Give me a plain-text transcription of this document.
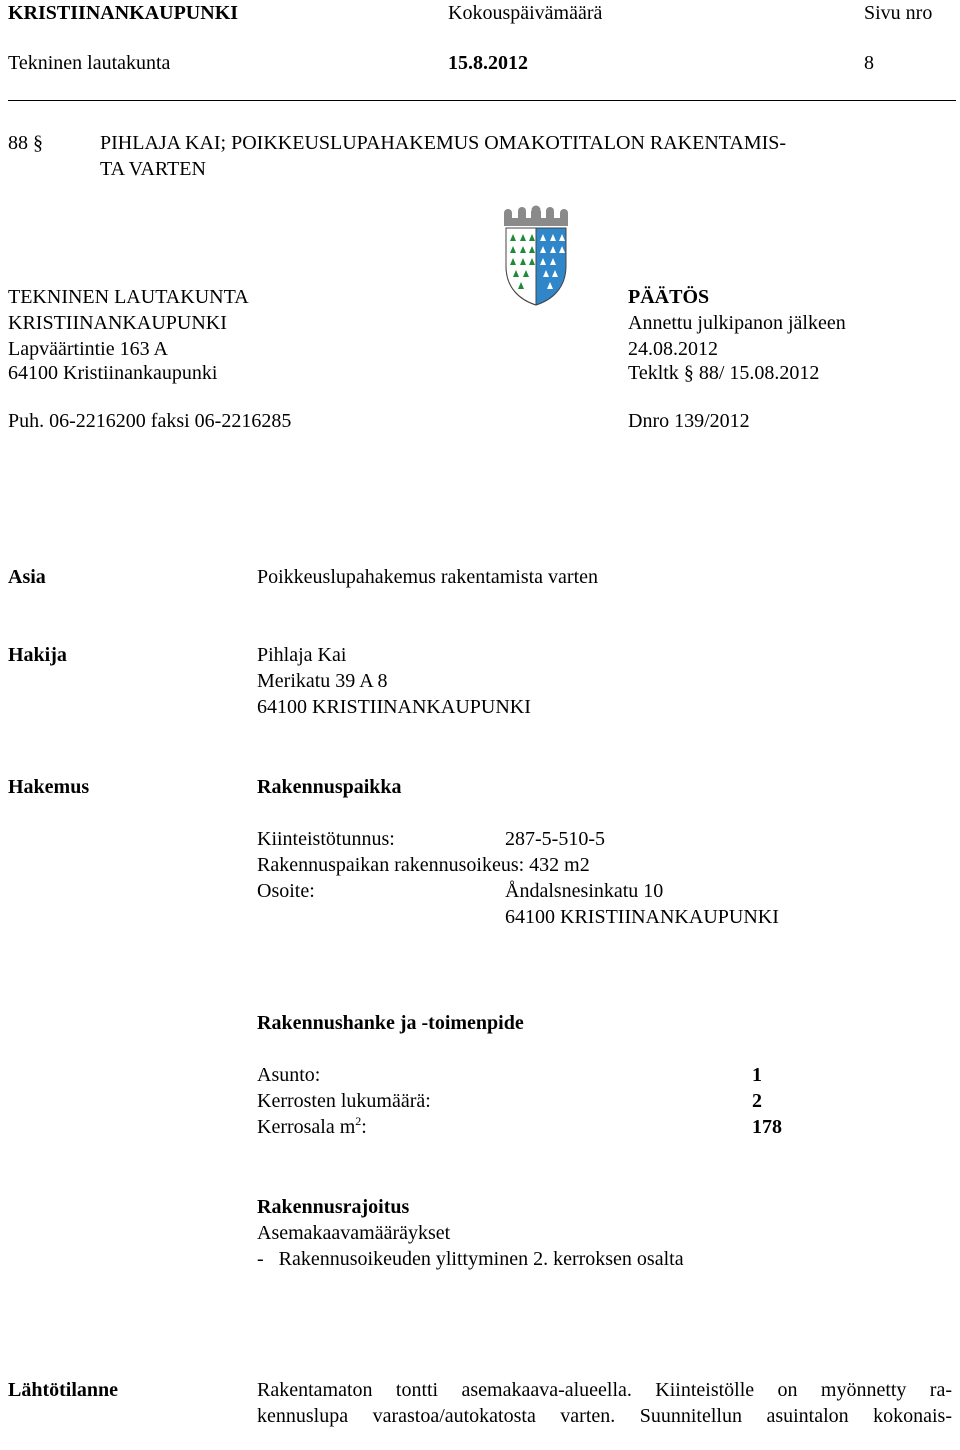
KRISTIINANKAUPUNKI	Kokouspäivämäärä	Sivu nro
Tekninen lautakunta	15.8.2012	8
88 §	PIHLAJA KAI; POIKKEUSLUPAHAKEMUS OMAKOTITALON RAKENTAMIS-
TA VARTEN
TEKNINEN LAUTAKUNTA
KRISTIINANKAUPUNKI
Lapväärtintie 163 A
64100 Kristiinankaupunki
Puh. 06-2216200 faksi 06-2216285
PÄÄTÖS
Annettu julkipanon jälkeen
24.08.2012
Tekltk § 88/ 15.08.2012
Dnro 139/2012
Asia	Poikkeuslupahakemus rakentamista varten
Hakija	Pihlaja Kai
Merikatu 39 A 8
64100 KRISTIINANKAUPUNKI
Hakemus	Rakennuspaikka
Kiinteistötunnus:	287-5-510-5
Rakennuspaikan rakennusoikeus: 432 m2
Osoite:	Åndalsnesinkatu 10
64100 KRISTIINANKAUPUNKI
Rakennushanke ja -toimenpide
Asunto:	1
Kerrosten lukumäärä:	2
Kerrosala $m^2$:	178
Rakennusrajoitus
Asemakaavamääräykset
-   Rakennusoikeuden ylittyminen 2. kerroksen osalta
Lähtötilanne	Rakentamaton tontti asemakaava-alueella. Kiinteistölle on myönnetty ra-
kennuslupa varastoa/autokatosta varten. Suunnitellun asuintalon kokonais-
